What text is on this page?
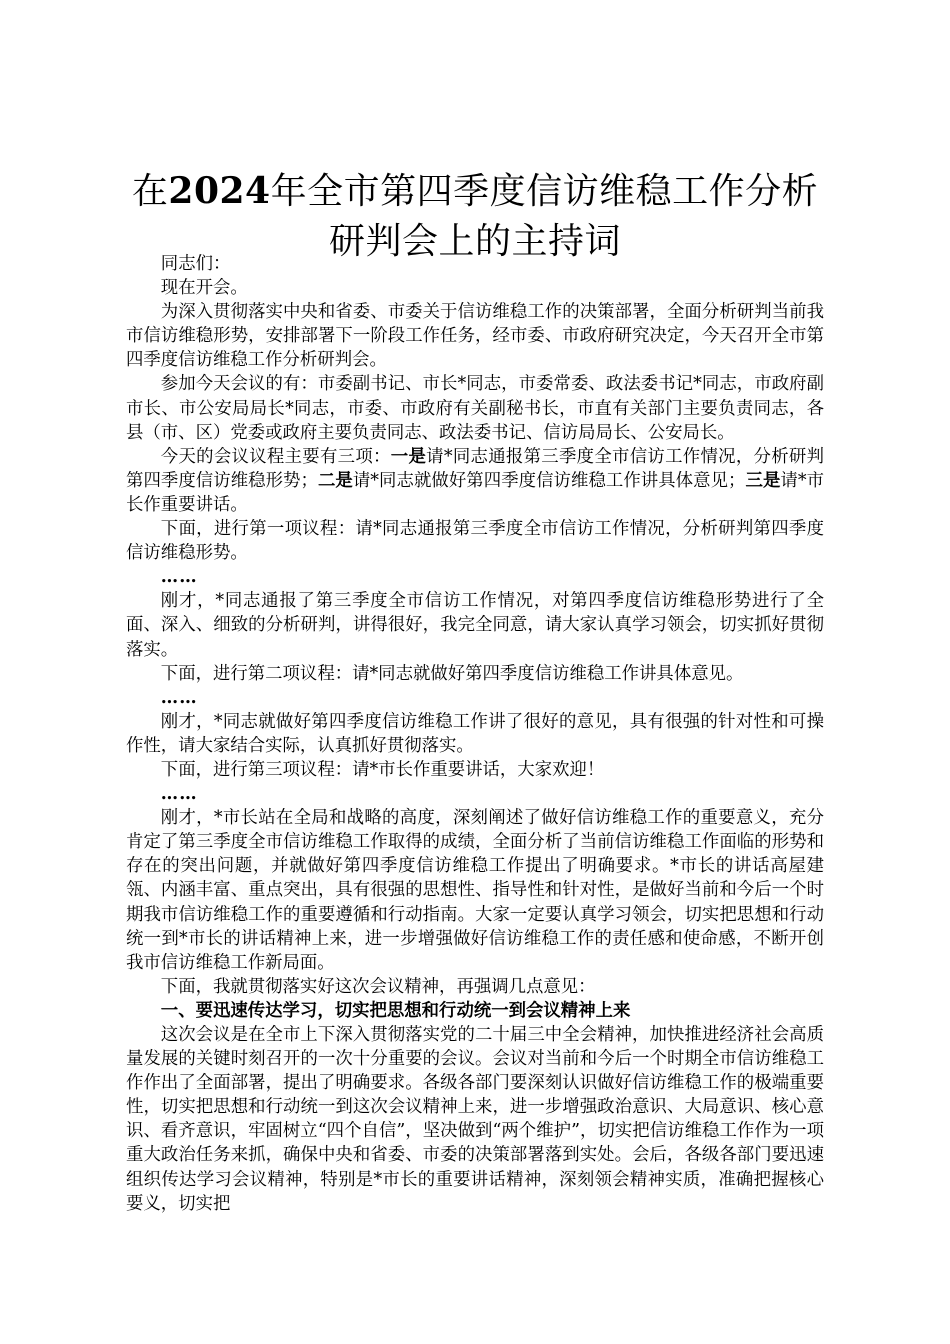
在2024年全市第四季度信访维稳工作分析研判会上的主持词

同志们：

现在开会。

为深入贯彻落实中央和省委、市委关于信访维稳工作的决策部署，全面分析研判当前我市信访维稳形势，安排部署下一阶段工作任务，经市委、市政府研究决定，今天召开全市第四季度信访维稳工作分析研判会。

参加今天会议的有：市委副书记、市长*同志，市委常委、政法委书记*同志，市政府副市长、市公安局局长*同志，市委、市政府有关副秘书长，市直有关部门主要负责同志，各县（市、区）党委或政府主要负责同志、政法委书记、信访局局长、公安局长。

今天的会议议程主要有三项：一是请*同志通报第三季度全市信访工作情况，分析研判第四季度信访维稳形势；二是请*同志就做好第四季度信访维稳工作讲具体意见；三是请*市长作重要讲话。

下面，进行第一项议程：请*同志通报第三季度全市信访工作情况，分析研判第四季度信访维稳形势。

……

刚才，*同志通报了第三季度全市信访工作情况，对第四季度信访维稳形势进行了全面、深入、细致的分析研判，讲得很好，我完全同意，请大家认真学习领会，切实抓好贯彻落实。

下面，进行第二项议程：请*同志就做好第四季度信访维稳工作讲具体意见。

……

刚才，*同志就做好第四季度信访维稳工作讲了很好的意见，具有很强的针对性和可操作性，请大家结合实际，认真抓好贯彻落实。

下面，进行第三项议程：请*市长作重要讲话，大家欢迎！

……

刚才，*市长站在全局和战略的高度，深刻阐述了做好信访维稳工作的重要意义，充分肯定了第三季度全市信访维稳工作取得的成绩，全面分析了当前信访维稳工作面临的形势和存在的突出问题，并就做好第四季度信访维稳工作提出了明确要求。*市长的讲话高屋建瓴、内涵丰富、重点突出，具有很强的思想性、指导性和针对性，是做好当前和今后一个时期我市信访维稳工作的重要遵循和行动指南。大家一定要认真学习领会，切实把思想和行动统一到*市长的讲话精神上来，进一步增强做好信访维稳工作的责任感和使命感，不断开创我市信访维稳工作新局面。

下面，我就贯彻落实好这次会议精神，再强调几点意见：

一、要迅速传达学习，切实把思想和行动统一到会议精神上来

这次会议是在全市上下深入贯彻落实党的二十届三中全会精神，加快推进经济社会高质量发展的关键时刻召开的一次十分重要的会议。会议对当前和今后一个时期全市信访维稳工作作出了全面部署，提出了明确要求。各级各部门要深刻认识做好信访维稳工作的极端重要性，切实把思想和行动统一到这次会议精神上来，进一步增强政治意识、大局意识、核心意识、看齐意识，牢固树立“四个自信”，坚决做到“两个维护”，切实把信访维稳工作作为一项重大政治任务来抓，确保中央和省委、市委的决策部署落到实处。会后，各级各部门要迅速组织传达学习会议精神，特别是*市长的重要讲话精神，深刻领会精神实质，准确把握核心要义，切实把
